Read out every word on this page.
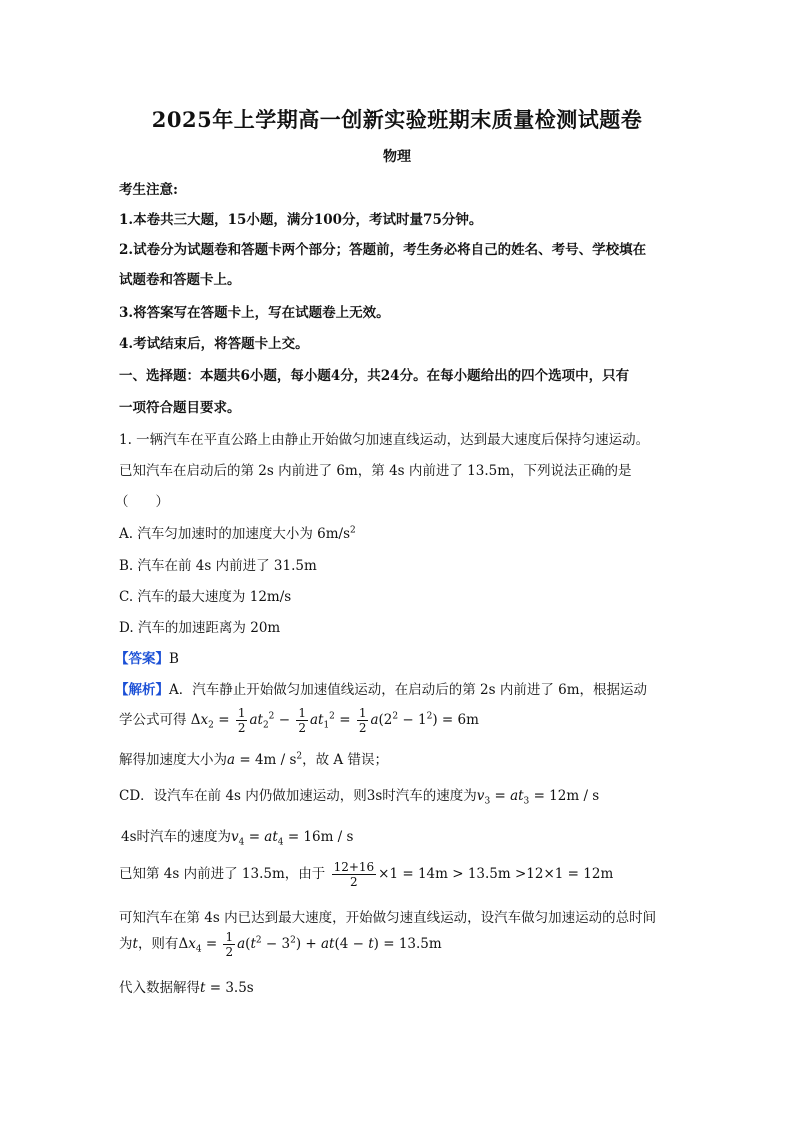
2025年上学期高一创新实验班期末质量检测试题卷
物理
考生注意:
1.本卷共三大题，15小题，满分100分，考试时量75分钟。
2.试卷分为试题卷和答题卡两个部分；答题前，考生务必将自己的姓名、考号、学校填在
试题卷和答题卡上。
3.将答案写在答题卡上，写在试题卷上无效。
4.考试结束后，将答题卡上交。
一、选择题：本题共6小题，每小题4分，共24分。在每小题给出的四个选项中，只有
一项符合题目要求。
1. 一辆汽车在平直公路上由静止开始做匀加速直线运动，达到最大速度后保持匀速运动。
已知汽车在启动后的第 2s 内前进了 6m，第 4s 内前进了 13.5m，下列说法正确的是
（　　）
A. 汽车匀加速时的加速度大小为 $6m/s^2$
B. 汽车在前 4s 内前进了 31.5m
C. 汽车的最大速度为 12m/s
D. 汽车的加速距离为 20m
【答案】B
【解析】A．汽车静止开始做匀加速值线运动，在启动后的第 2s 内前进了 6m，根据运动
学公式可得 $\Delta x_2 = \frac{1}{2} at_2^2 - \frac{1}{2} at_1^2 = \frac{1}{2} a(2^2 - 1^2) = 6m$
解得加速度大小为$a = 4m / s^2$，故 A 错误；
CD．设汽车在前 4s 内仍做加速运动，则3s时汽车的速度为$v_3 = at_3 = 12m / s$
4s时汽车的速度为$v_4 = at_4 = 16m / s$
已知第 4s 内前进了 13.5m，由于 $\frac{12+16}{2} \times 1 = 14m > 13.5m >12\times 1 = 12m$
可知汽车在第 4s 内已达到最大速度，开始做匀速直线运动，设汽车做匀加速运动的总时间
为t，则有$\Delta x_4 = \frac{1}{2} a(t^2 - 3^2) + at(4 - t) = 13.5m$
代入数据解得t = 3.5s
